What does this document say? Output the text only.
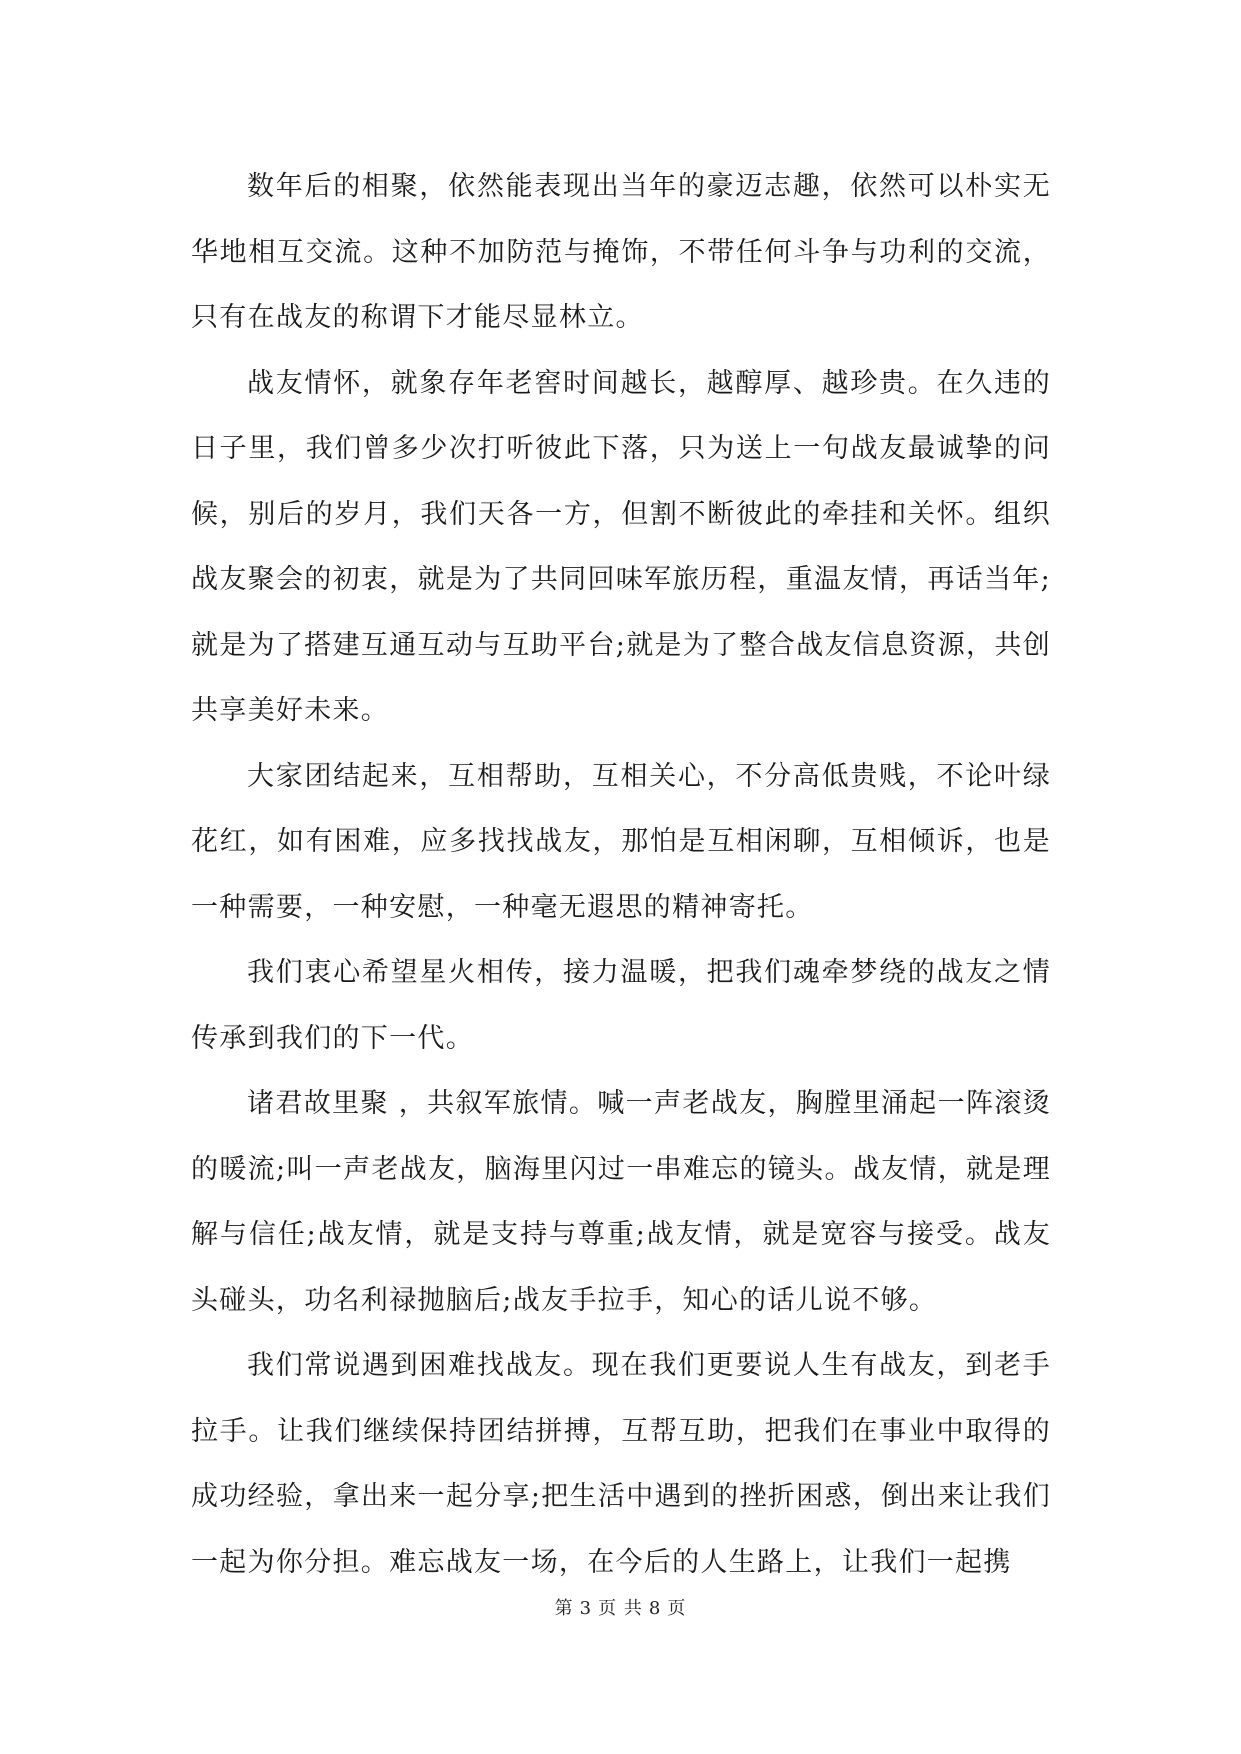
数年后的相聚，依然能表现出当年的豪迈志趣，依然可以朴实无华地相互交流。这种不加防范与掩饰，不带任何斗争与功利的交流，只有在战友的称谓下才能尽显林立。

战友情怀，就象存年老窖时间越长，越醇厚、越珍贵。在久违的日子里，我们曾多少次打听彼此下落，只为送上一句战友最诚挚的问候，别后的岁月，我们天各一方，但割不断彼此的牵挂和关怀。组织战友聚会的初衷，就是为了共同回味军旅历程，重温友情，再话当年;就是为了搭建互通互动与互助平台;就是为了整合战友信息资源，共创共享美好未来。

大家团结起来，互相帮助，互相关心，不分高低贵贱，不论叶绿花红，如有困难，应多找找战友，那怕是互相闲聊，互相倾诉，也是一种需要，一种安慰，一种毫无遐思的精神寄托。

我们衷心希望星火相传，接力温暖，把我们魂牵梦绕的战友之情传承到我们的下一代。

诸君故里聚 ，共叙军旅情。喊一声老战友，胸膛里涌起一阵滚烫的暖流;叫一声老战友，脑海里闪过一串难忘的镜头。战友情，就是理解与信任;战友情，就是支持与尊重;战友情，就是宽容与接受。战友头碰头，功名利禄抛脑后;战友手拉手，知心的话儿说不够。

我们常说遇到困难找战友。现在我们更要说人生有战友，到老手拉手。让我们继续保持团结拼搏，互帮互助，把我们在事业中取得的成功经验，拿出来一起分享;把生活中遇到的挫折困惑，倒出来让我们一起为你分担。难忘战友一场，在今后的人生路上，让我们一起携

第 3 页 共 8 页
